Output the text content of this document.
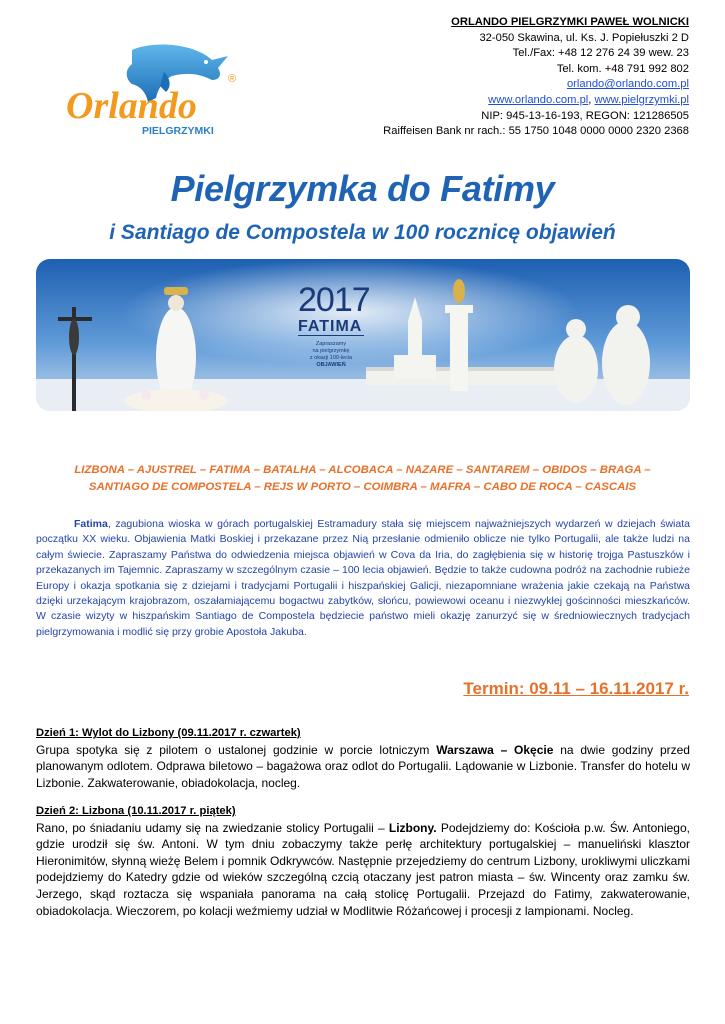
Orlando
®
PIELGRZYMKI
ORLANDO PIELGRZYMKI PAWEŁ WOLNICKI
32-050 Skawina, ul. Ks. J. Popiełuszki 2 D
Tel./Fax: +48 12 276 24 39 wew. 23
Tel. kom. +48 791 992 802
orlando@orlando.com.pl
www.orlando.com.pl, www.pielgrzymki.pl
NIP: 945-13-16-193, REGON: 121286505
Raiffeisen Bank nr rach.: 55 1750 1048 0000 0000 2320 2368
Pielgrzymka do Fatimy
i Santiago de Compostela w 100 rocznicę objawień
2017
FATIMA
Zapraszamy
na pielgrzymkę
z okazji 100-lecia
OBJAWIEŃ
LIZBONA – AJUSTREL – FATIMA – BATALHA – ALCOBACA – NAZARE – SANTAREM – OBIDOS – BRAGA –
SANTIAGO DE COMPOSTELA – REJS W PORTO – COIMBRA – MAFRA – CABO DE ROCA – CASCAIS

Fatima, zagubiona wioska w górach portugalskiej Estramadury stała się miejscem najważniejszych wydarzeń w dziejach świata początku XX wieku. Objawienia Matki Boskiej i przekazane przez Nią przesłanie odmieniło oblicze nie tylko Portugalii, ale także ludzi na całym świecie. Zapraszamy Państwa do odwiedzenia miejsca objawień w Cova da Iria, do zagłębienia się w historię trojga Pastuszków i przekazanych im Tajemnic. Zapraszamy w szczególnym czasie – 100 lecia objawień. Będzie to także cudowna podróż na zachodnie rubieże Europy i okazja spotkania się z dziejami i tradycjami Portugalii i hiszpańskiej Galicji, niezapomniane wrażenia jakie czekają na Państwa dzięki urzekającym krajobrazom, oszałamiającemu bogactwu zabytków, słońcu, powiewowi oceanu i niezwykłej gościnności mieszkańców. W czasie wizyty w hiszpańskim Santiago de Compostela będziecie państwo mieli okazję zanurzyć się w średniowiecznych tradycjach pielgrzymowania i modlić się przy grobie Apostoła Jakuba.

Termin: 09.11 – 16.11.2017 r.
Dzień 1: Wylot do Lizbony (09.11.2017 r. czwartek)

Grupa spotyka się z pilotem o ustalonej godzinie w porcie lotniczym Warszawa – Okęcie na dwie godziny przed planowanym odlotem. Odprawa biletowo – bagażowa oraz odlot do Portugalii. Lądowanie w Lizbonie. Transfer do hotelu w Lizbonie. Zakwaterowanie, obiadokolacja, nocleg.

Dzień 2: Lizbona (10.11.2017 r. piątek)

Rano, po śniadaniu udamy się na zwiedzanie stolicy Portugalii – Lizbony. Podejdziemy do: Kościoła p.w. Św. Antoniego, gdzie urodził się św. Antoni. W tym dniu zobaczymy także perłę architektury portugalskiej – manueliński klasztor Hieronimitów, słynną wieżę Belem i pomnik Odkrywców. Następnie przejedziemy do centrum Lizbony, urokliwymi uliczkami podejdziemy do Katedry gdzie od wieków szczególną czcią otaczany jest patron miasta – św. Wincenty oraz zamku św. Jerzego, skąd roztacza się wspaniała panorama na całą stolicę Portugalii. Przejazd do Fatimy, zakwaterowanie, obiadokolacja. Wieczorem, po kolacji weźmiemy udział w Modlitwie Różańcowej i procesji z lampionami. Nocleg.
